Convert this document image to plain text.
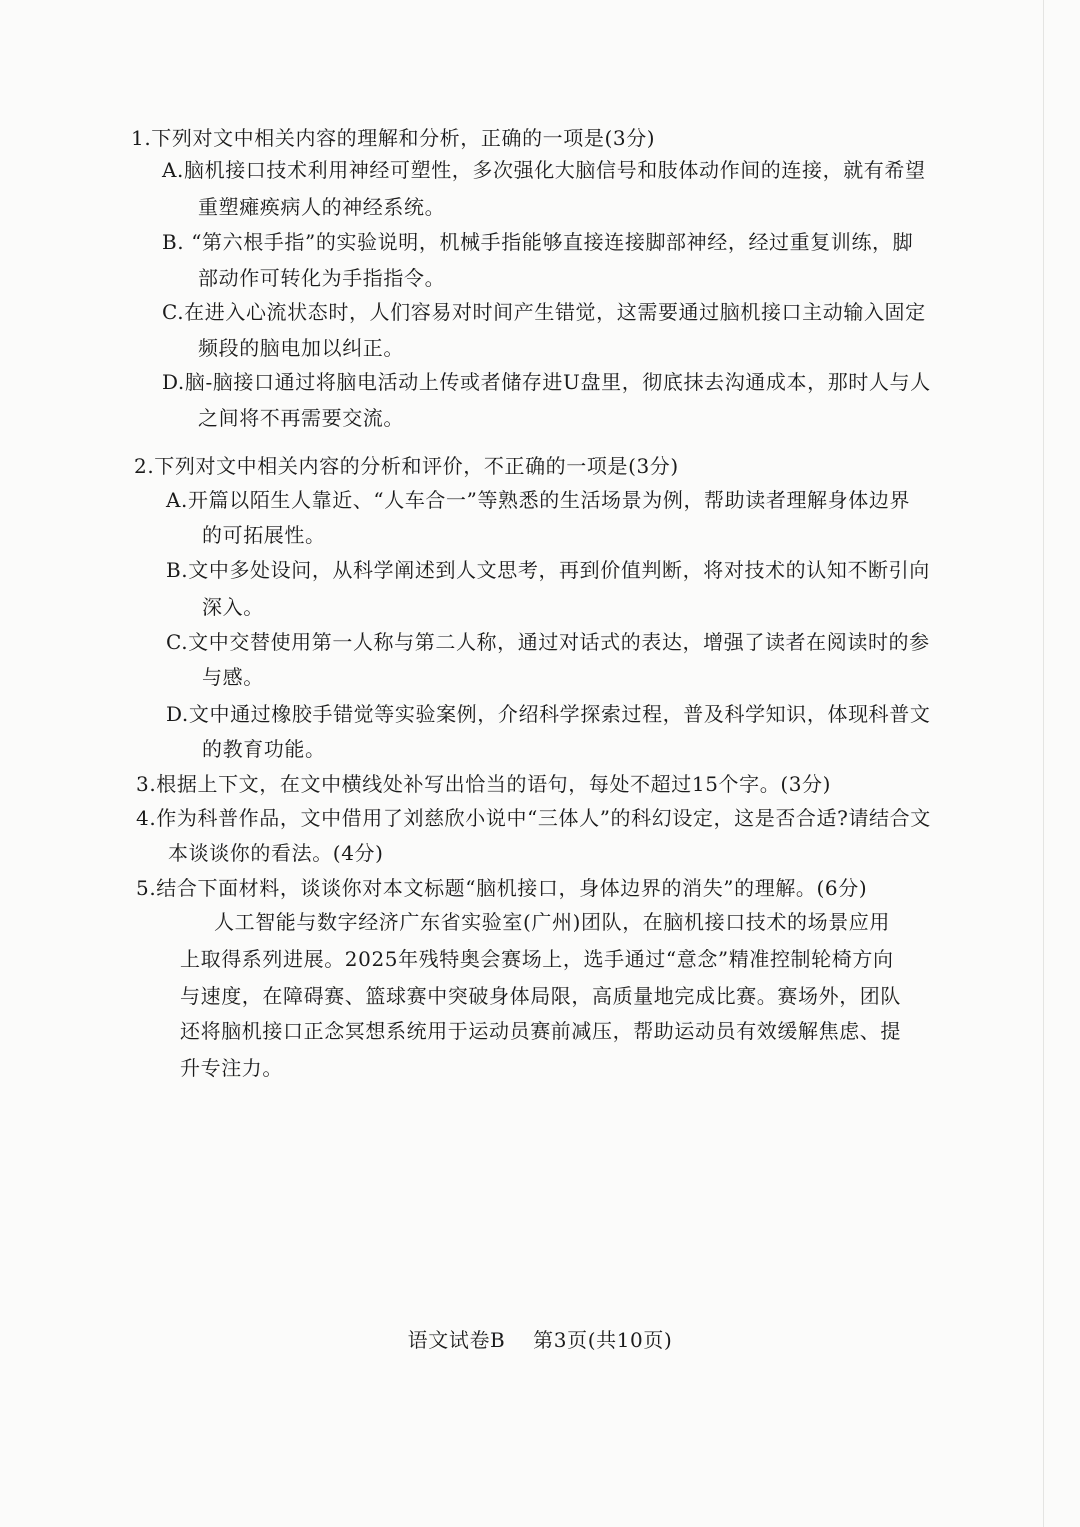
1.下列对文中相关内容的理解和分析，正确的一项是(3分)
A.脑机接口技术利用神经可塑性，多次强化大脑信号和肢体动作间的连接，就有希望
重塑瘫痪病人的神经系统。
B. “第六根手指”的实验说明，机械手指能够直接连接脚部神经，经过重复训练，脚
部动作可转化为手指指令。
C.在进入心流状态时，人们容易对时间产生错觉，这需要通过脑机接口主动输入固定
频段的脑电加以纠正。
D.脑-脑接口通过将脑电活动上传或者储存进U盘里，彻底抹去沟通成本，那时人与人
之间将不再需要交流。
2.下列对文中相关内容的分析和评价，不正确的一项是(3分)
A.开篇以陌生人靠近、“人车合一”等熟悉的生活场景为例，帮助读者理解身体边界
的可拓展性。
B.文中多处设问，从科学阐述到人文思考，再到价值判断，将对技术的认知不断引向
深入。
C.文中交替使用第一人称与第二人称，通过对话式的表达，增强了读者在阅读时的参
与感。
D.文中通过橡胶手错觉等实验案例，介绍科学探索过程，普及科学知识，体现科普文
的教育功能。
3.根据上下文，在文中横线处补写出恰当的语句，每处不超过15个字。(3分)
4.作为科普作品，文中借用了刘慈欣小说中“三体人”的科幻设定，这是否合适?请结合文
本谈谈你的看法。(4分)
5.结合下面材料，谈谈你对本文标题“脑机接口，身体边界的消失”的理解。(6分)
人工智能与数字经济广东省实验室(广州)团队，在脑机接口技术的场景应用
上取得系列进展。2025年残特奥会赛场上，选手通过“意念”精准控制轮椅方向
与速度，在障碍赛、篮球赛中突破身体局限，高质量地完成比赛。赛场外，团队
还将脑机接口正念冥想系统用于运动员赛前减压，帮助运动员有效缓解焦虑、提
升专注力。
语文试卷B    第3页(共10页)
